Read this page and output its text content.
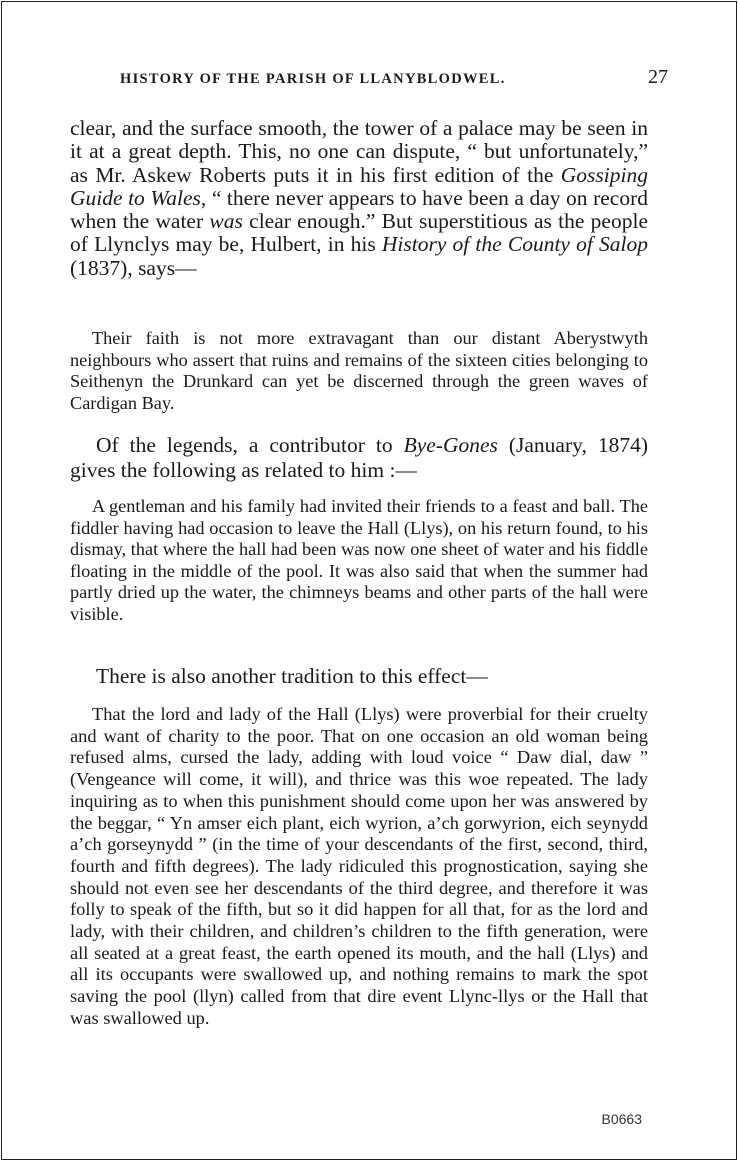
HISTORY OF THE PARISH OF LLANYBLODWEL.	27

clear, and the surface smooth, the tower of a palace may be seen in it at a great depth. This, no one can dispute, “ but unfortunately,” as Mr. Askew Roberts puts it in his first edition of the Gossiping Guide to Wales, “ there never appears to have been a day on record when the water was clear enough.” But superstitious as the people of Llynclys may be, Hulbert, in his History of the County of Salop (1837), says—

Their faith is not more extravagant than our distant Aberystwyth neighbours who assert that ruins and remains of the sixteen cities belonging to Seithenyn the Drunkard can yet be discerned through the green waves of Cardigan Bay.

Of the legends, a contributor to Bye-Gones (January, 1874) gives the following as related to him :—

A gentleman and his family had invited their friends to a feast and ball. The fiddler having had occasion to leave the Hall (Llys), on his return found, to his dismay, that where the hall had been was now one sheet of water and his fiddle floating in the middle of the pool. It was also said that when the summer had partly dried up the water, the chimneys beams and other parts of the hall were visible.

There is also another tradition to this effect—

That the lord and lady of the Hall (Llys) were proverbial for their cruelty and want of charity to the poor. That on one occasion an old woman being refused alms, cursed the lady, adding with loud voice “ Daw dial, daw ” (Vengeance will come, it will), and thrice was this woe repeated. The lady inquiring as to when this punishment should come upon her was answered by the beggar, “ Yn amser eich plant, eich wyrion, a’ch gorwyrion, eich seynydd a’ch gorseynydd ” (in the time of your descendants of the first, second, third, fourth and fifth degrees). The lady ridiculed this prognostication, saying she should not even see her descendants of the third degree, and therefore it was folly to speak of the fifth, but so it did happen for all that, for as the lord and lady, with their children, and children’s children to the fifth generation, were all seated at a great feast, the earth opened its mouth, and the hall (Llys) and all its occupants were swallowed up, and nothing remains to mark the spot saving the pool (llyn) called from that dire event Llync-llys or the Hall that was swallowed up.

B0663
